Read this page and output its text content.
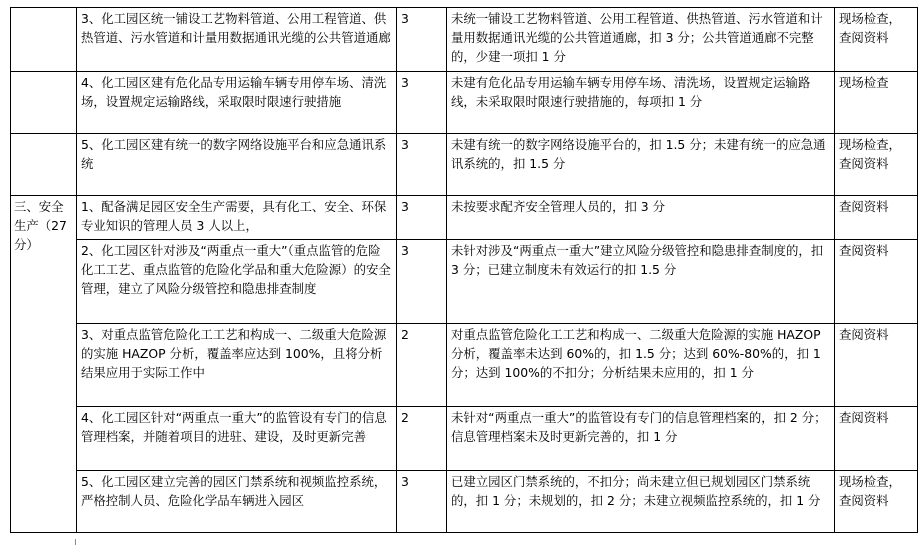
	3、化工园区统一铺设工艺物料管道、公用工程管道、供热管道、污水管道和计量用数据通讯光缆的公共管道通廊	3	未统一铺设工艺物料管道、公用工程管道、供热管道、污水管道和计量用数据通讯光缆的公共管道通廊，扣 3 分；公共管道通廊不完整的，少建一项扣 1 分	现场检查，查阅资料
	4、化工园区建有危化品专用运输车辆专用停车场、清洗场，设置规定运输路线，采取限时限速行驶措施	3	未建有危化品专用运输车辆专用停车场、清洗场，设置规定运输路线，未采取限时限速行驶措施的，每项扣 1 分	现场检查
	5、化工园区建有统一的数字网络设施平台和应急通讯系统	3	未建有统一的数字网络设施平台的，扣 1.5 分；未建有统一的应急通讯系统的，扣 1.5 分	现场检查，查阅资料
三、安全生产（27 分）	1、配备满足园区安全生产需要，具有化工、安全、环保专业知识的管理人员 3 人以上，	3	未按要求配齐安全管理人员的，扣 3 分	查阅资料
	2、化工园区针对涉及“两重点一重大”（重点监管的危险化工工艺、重点监管的危险化学品和重大危险源）的安全管理，建立了风险分级管控和隐患排查制度	3	未针对涉及“两重点一重大”建立风险分级管控和隐患排查制度的，扣 3 分；已建立制度未有效运行的扣 1.5 分	查阅资料
	3、对重点监管危险化工工艺和构成一、二级重大危险源的实施 HAZOP 分析，覆盖率应达到 100%，且将分析结果应用于实际工作中	2	对重点监管危险化工工艺和构成一、二级重大危险源的实施 HAZOP 分析，覆盖率未达到 60%的，扣 1.5 分；达到 60%-80%的，扣 1 分；达到 100%的不扣分；分析结果未应用的，扣 1 分	查阅资料
	4、化工园区针对“两重点一重大”的监管设有专门的信息管理档案，并随着项目的进驻、建设，及时更新完善	2	未针对“两重点一重大”的监管设有专门的信息管理档案的，扣 2 分；信息管理档案未及时更新完善的，扣 1 分	查阅资料
	5、化工园区建立完善的园区门禁系统和视频监控系统，严格控制人员、危险化学品车辆进入园区	3	已建立园区门禁系统的，不扣分；尚未建立但已规划园区门禁系统的，扣 1 分；未规划的，扣 2 分；未建立视频监控系统的，扣 1 分	现场检查，查阅资料
